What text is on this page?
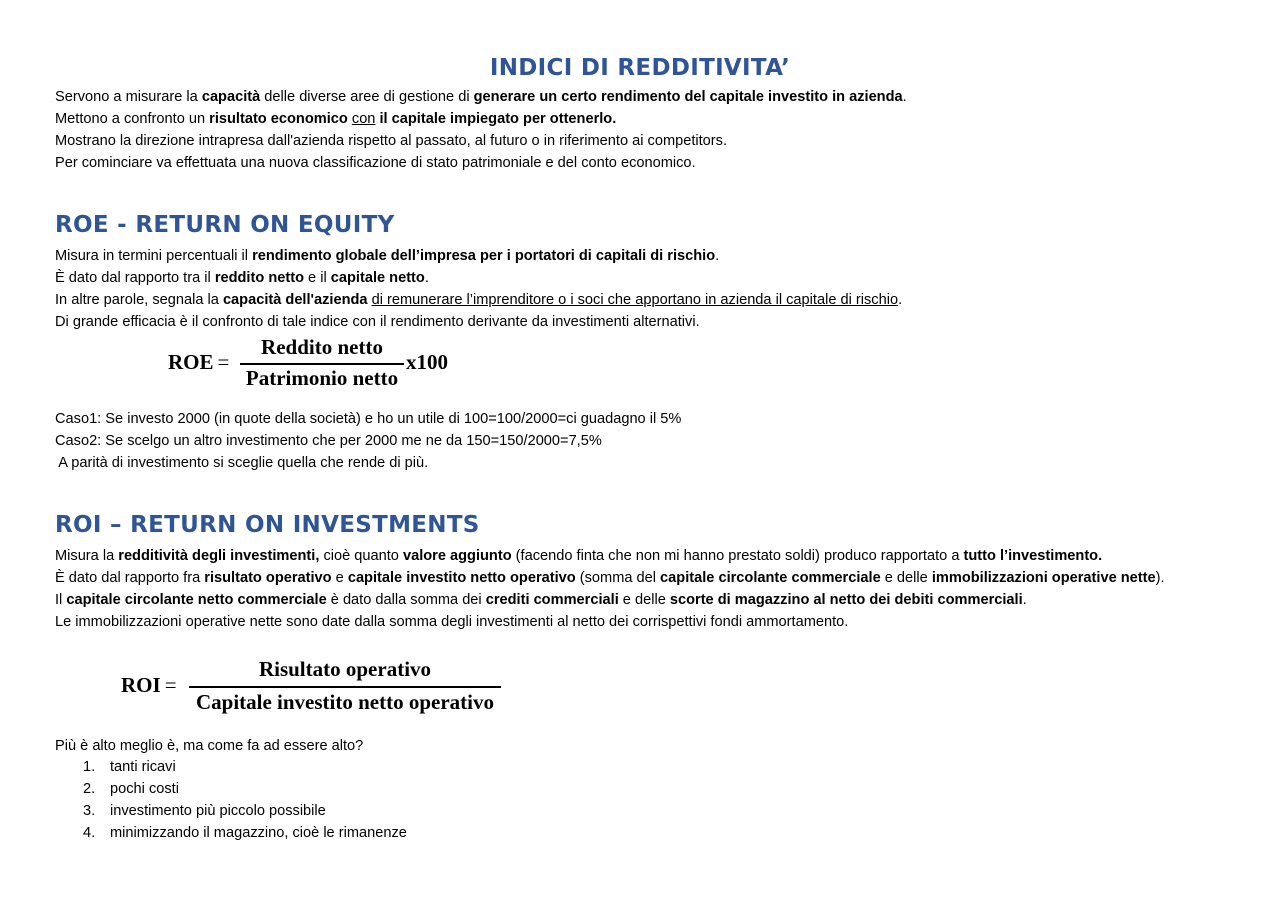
INDICI DI REDDITIVITA’
Servono a misurare la capacità delle diverse aree di gestione di generare un certo rendimento del capitale investito in azienda.
Mettono a confronto un risultato economico con il capitale impiegato per ottenerlo.
Mostrano la direzione intrapresa dall'azienda rispetto al passato, al futuro o in riferimento ai competitors.
Per cominciare va effettuata una nuova classificazione di stato patrimoniale e del conto economico.
ROE - RETURN ON EQUITY
Misura in termini percentuali il rendimento globale dell’impresa per i portatori di capitali di rischio.
È dato dal rapporto tra il reddito netto e il capitale netto.
In altre parole, segnala la capacità dell'azienda di remunerare l’imprenditore o i soci che apportano in azienda il capitale di rischio.
Di grande efficacia è il confronto di tale indice con il rendimento derivante da investimenti alternativi.
ROE =
Reddito netto
Patrimonio netto
x100
Caso1: Se investo 2000 (in quote della società) e ho un utile di 100=100/2000=ci guadagno il 5%
Caso2: Se scelgo un altro investimento che per 2000 me ne da 150=150/2000=7,5%
A parità di investimento si sceglie quella che rende di più.
ROI – RETURN ON INVESTMENTS
Misura la redditività degli investimenti, cioè quanto valore aggiunto (facendo finta che non mi hanno prestato soldi) produco rapportato a tutto l’investimento.
È dato dal rapporto fra risultato operativo e capitale investito netto operativo (somma del capitale circolante commerciale e delle immobilizzazioni operative nette).
Il capitale circolante netto commerciale è dato dalla somma dei crediti commerciali e delle scorte di magazzino al netto dei debiti commerciali.
Le immobilizzazioni operative nette sono date dalla somma degli investimenti al netto dei corrispettivi fondi ammortamento.
ROI =
Risultato operativo
Capitale investito netto operativo
Più è alto meglio è, ma come fa ad essere alto?
1. tanti ricavi
2. pochi costi
3. investimento più piccolo possibile
4. minimizzando il magazzino, cioè le rimanenze
